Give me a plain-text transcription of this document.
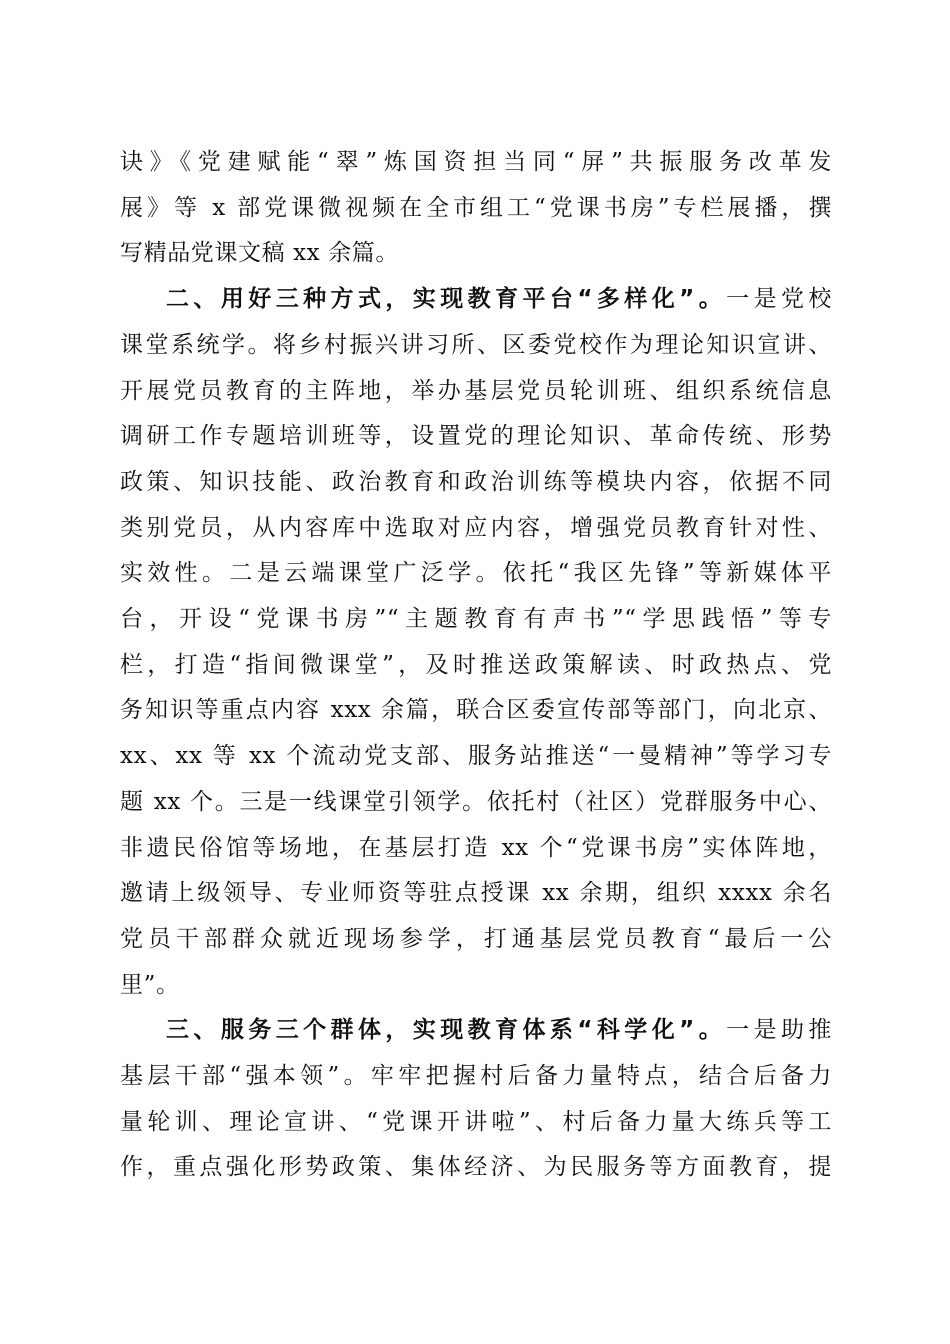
诀》《党建赋能“翠”炼国资担当同“屏”共振服务改革发
展》等 x 部党课微视频在全市组工“党课书房”专栏展播，撰
写精品党课文稿 xx 余篇。
二、用好三种方式，实现教育平台“多样化”。一是党校
课堂系统学。将乡村振兴讲习所、区委党校作为理论知识宣讲、
开展党员教育的主阵地，举办基层党员轮训班、组织系统信息
调研工作专题培训班等，设置党的理论知识、革命传统、形势
政策、知识技能、政治教育和政治训练等模块内容，依据不同
类别党员，从内容库中选取对应内容，增强党员教育针对性、
实效性。二是云端课堂广泛学。依托“我区先锋”等新媒体平
台，开设“党课书房”“主题教育有声书”“学思践悟”等专
栏，打造“指间微课堂”，及时推送政策解读、时政热点、党
务知识等重点内容 xxx 余篇，联合区委宣传部等部门，向北京、
xx、xx 等 xx 个流动党支部、服务站推送“一曼精神”等学习专
题 xx 个。三是一线课堂引领学。依托村（社区）党群服务中心、
非遗民俗馆等场地，在基层打造 xx 个“党课书房”实体阵地，
邀请上级领导、专业师资等驻点授课 xx 余期，组织 xxxx 余名
党员干部群众就近现场参学，打通基层党员教育“最后一公
里”。
三、服务三个群体，实现教育体系“科学化”。一是助推
基层干部“强本领”。牢牢把握村后备力量特点，结合后备力
量轮训、理论宣讲、“党课开讲啦”、村后备力量大练兵等工
作，重点强化形势政策、集体经济、为民服务等方面教育，提
